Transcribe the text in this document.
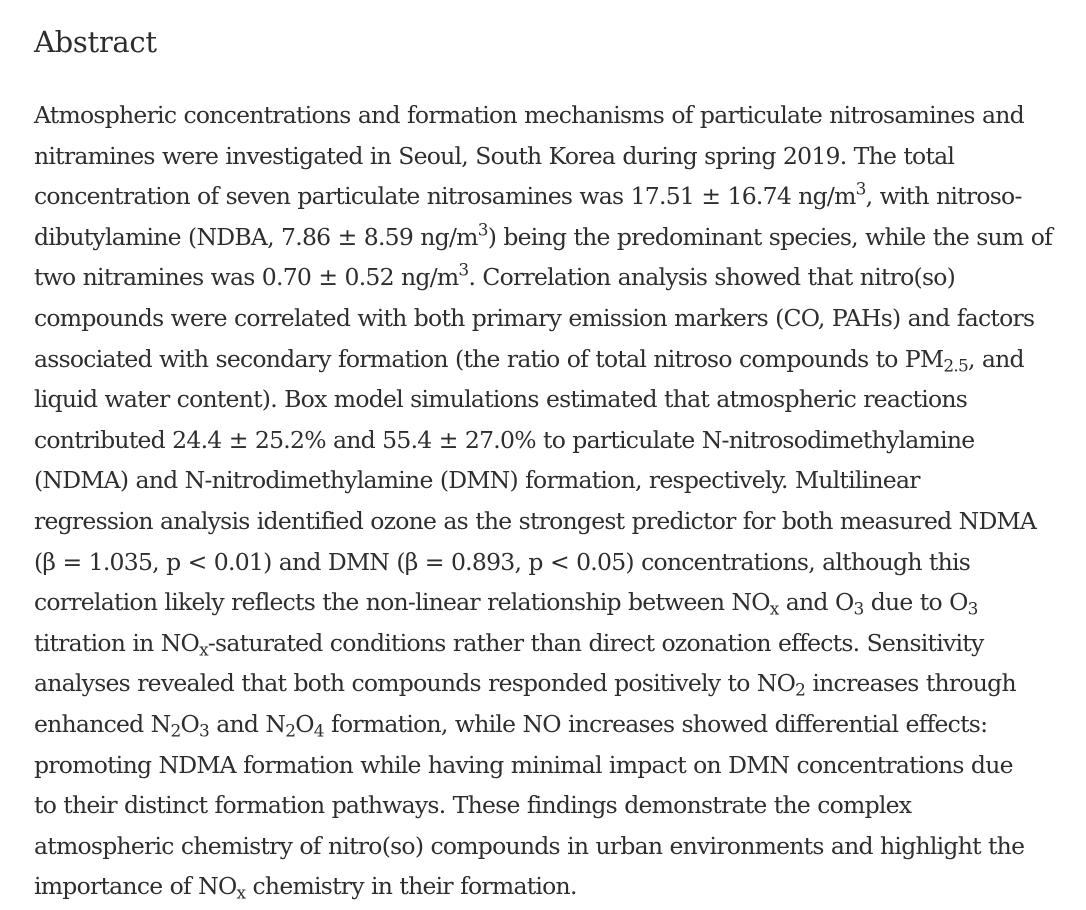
Abstract
Atmospheric concentrations and formation mechanisms of particulate nitrosamines and
nitramines were investigated in Seoul, South Korea during spring 2019. The total
concentration of seven particulate nitrosamines was 17.51 ± 16.74 $ng/m^3$, with nitroso-
dibutylamine (NDBA, 7.86 ± 8.59 $ng/m^3$) being the predominant species, while the sum of
two nitramines was 0.70 ± 0.52 $ng/m^3$. Correlation analysis showed that nitro(so)
compounds were correlated with both primary emission markers (CO, PAHs) and factors
associated with secondary formation (the ratio of total nitroso compounds to $PM_{2.5}$, and
liquid water content). Box model simulations estimated that atmospheric reactions
contributed 24.4 ± 25.2% and 55.4 ± 27.0% to particulate N-nitrosodimethylamine
(NDMA) and N-nitrodimethylamine (DMN) formation, respectively. Multilinear
regression analysis identified ozone as the strongest predictor for both measured NDMA
(β = 1.035, p < 0.01) and DMN (β = 0.893, p < 0.05) concentrations, although this
correlation likely reflects the non-linear relationship between $NO_x$ and $O_3$ due to $O_3$
titration in $NO_x$-saturated conditions rather than direct ozonation effects. Sensitivity
analyses revealed that both compounds responded positively to $NO_2$ increases through
enhanced $N_2O_3$ and $N_2O_4$ formation, while NO increases showed differential effects:
promoting NDMA formation while having minimal impact on DMN concentrations due
to their distinct formation pathways. These findings demonstrate the complex
atmospheric chemistry of nitro(so) compounds in urban environments and highlight the
importance of $NO_x$ chemistry in their formation.
